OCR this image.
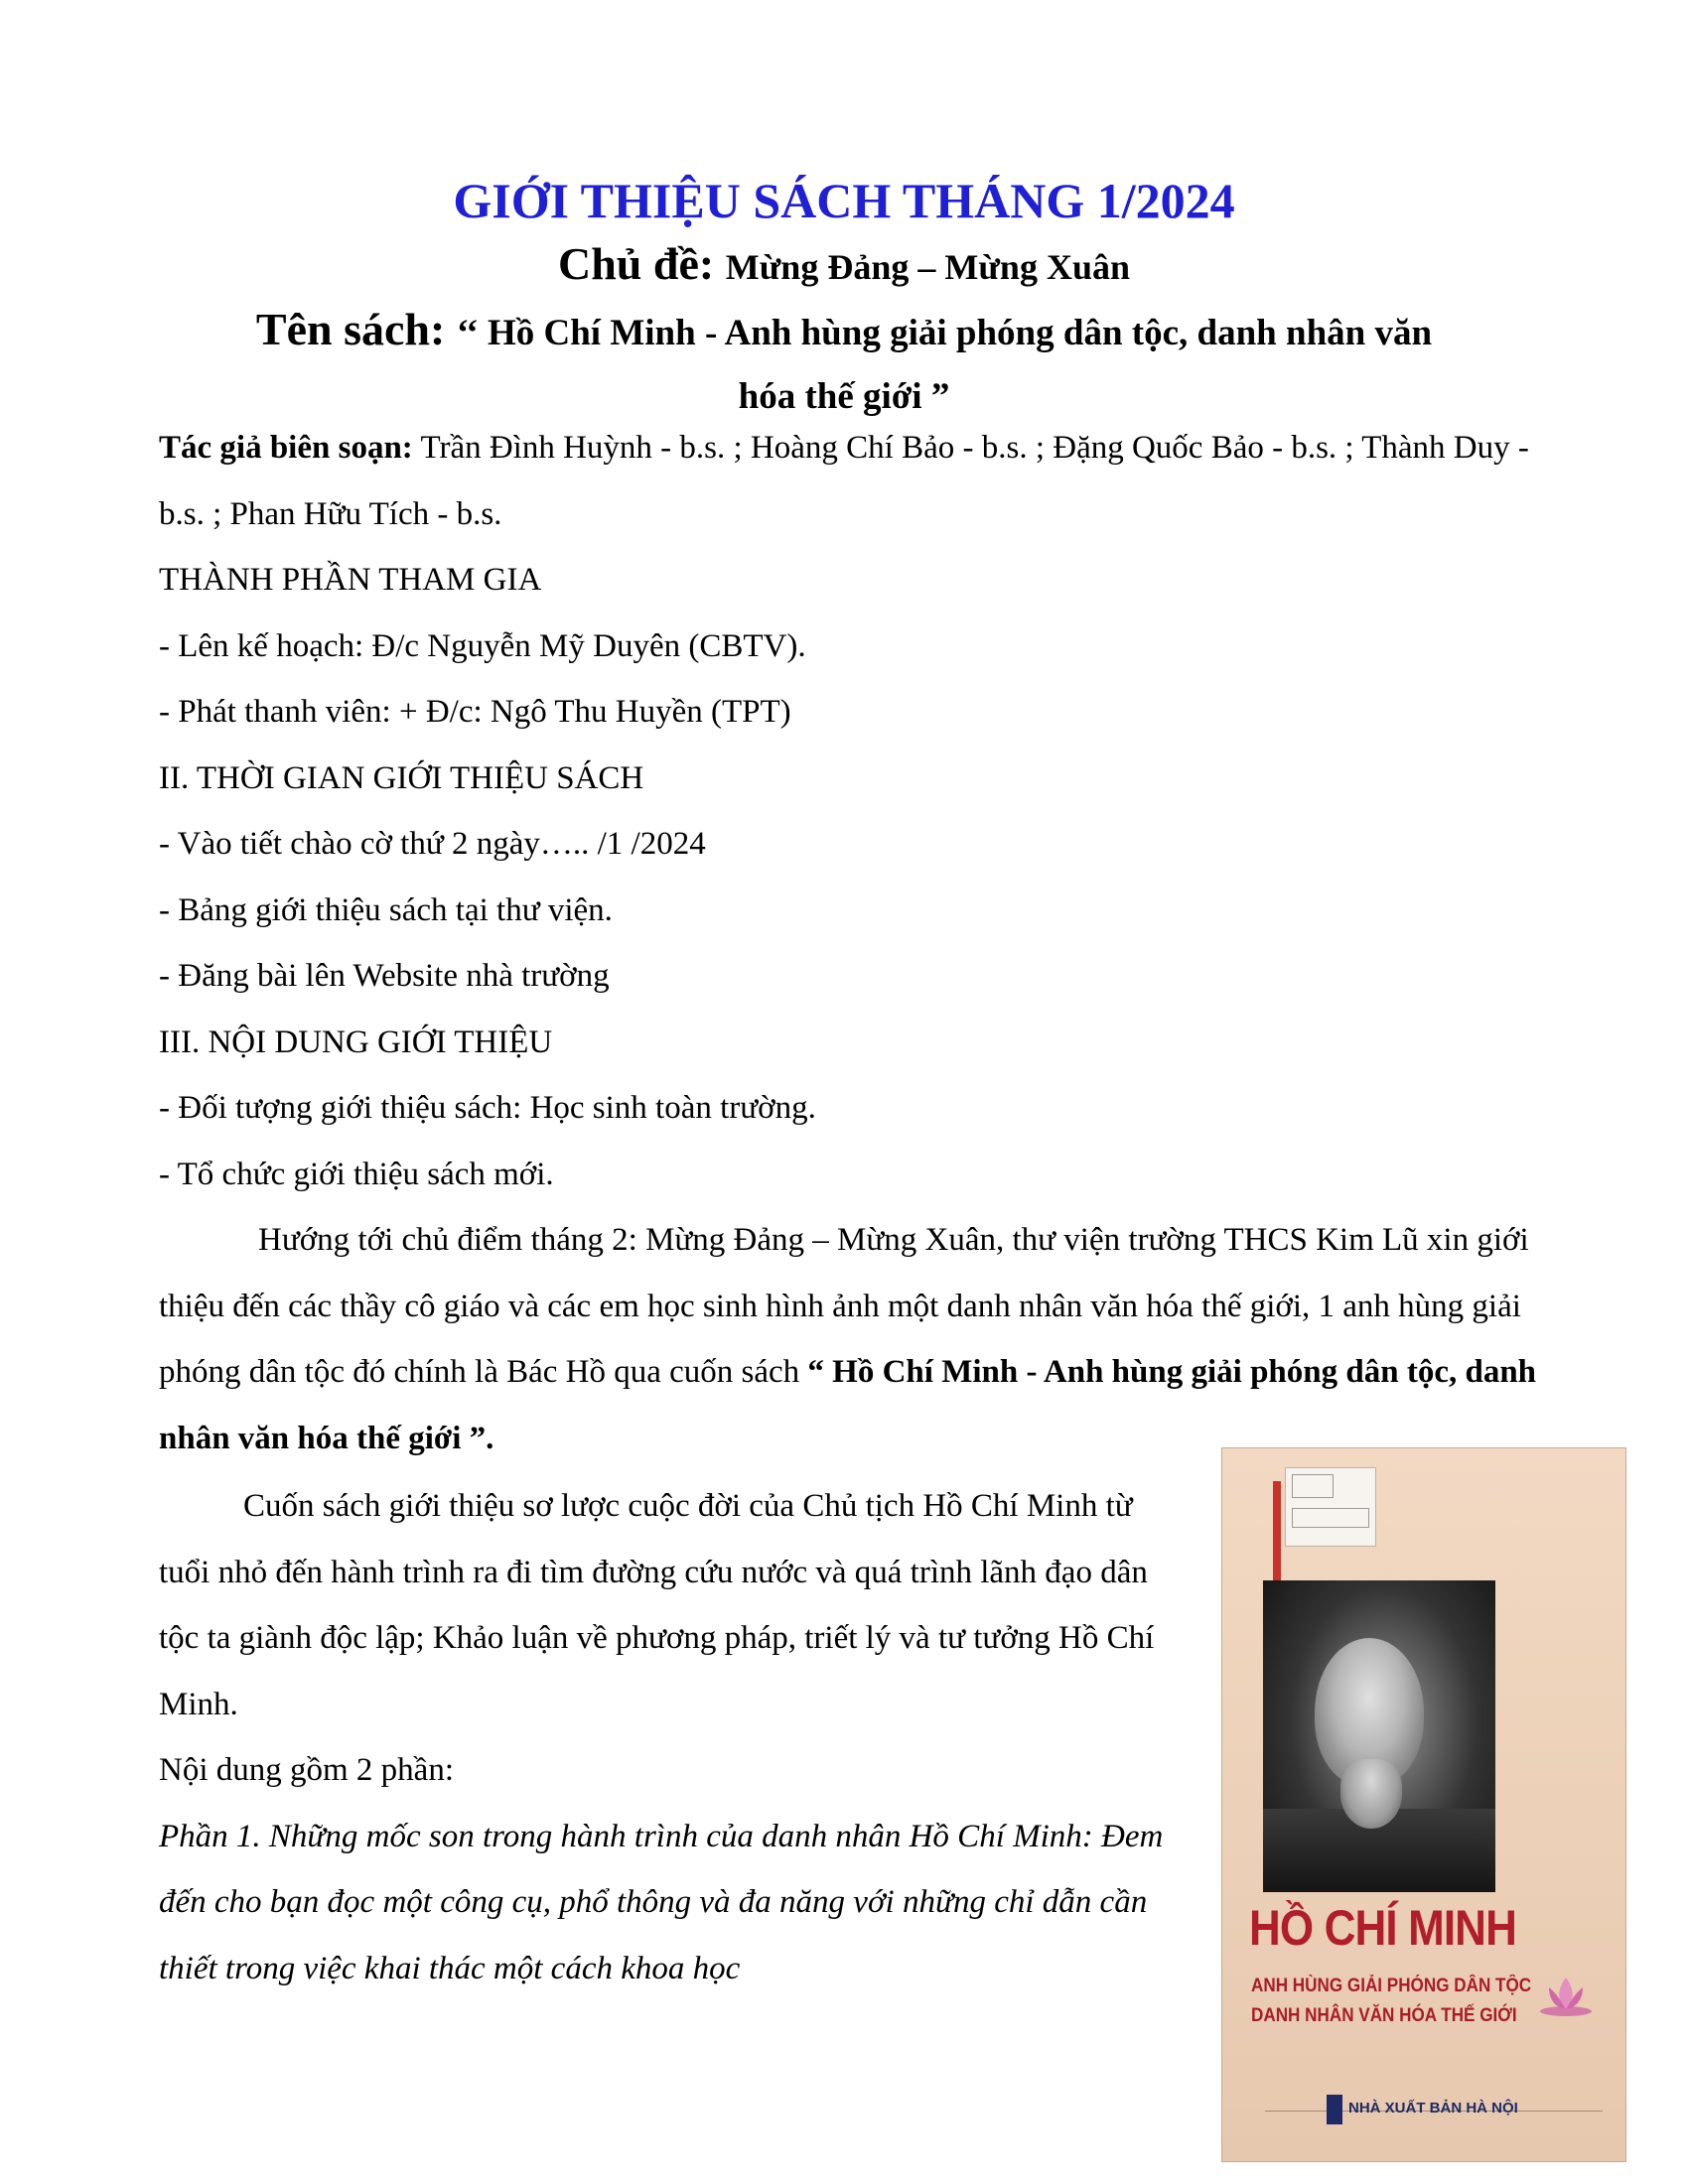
GIỚI THIỆU SÁCH THÁNG 1/2024
Chủ đề: Mừng Đảng – Mừng Xuân
Tên sách: ‘‘ Hồ Chí Minh - Anh hùng giải phóng dân tộc, danh nhân văn
hóa thế giới ”

Tác giả biên soạn: Trần Đình Huỳnh - b.s. ; Hoàng Chí Bảo - b.s. ; Đặng Quốc Bảo - b.s. ; Thành Duy - b.s. ; Phan Hữu Tích - b.s.

THÀNH PHẦN THAM GIA

- Lên kế hoạch: Đ/c Nguyễn Mỹ Duyên (CBTV).

- Phát thanh viên: + Đ/c: Ngô Thu Huyền (TPT)

II. THỜI GIAN GIỚI THIỆU SÁCH

- Vào tiết chào cờ thứ 2 ngày….. /1 /2024

- Bảng giới thiệu sách tại thư viện.

- Đăng bài lên Website nhà trường

III. NỘI DUNG GIỚI THIỆU

- Đối tượng giới thiệu sách: Học sinh toàn trường.

- Tổ chức giới thiệu sách mới.

Hướng tới chủ điểm tháng 2: Mừng Đảng – Mừng Xuân, thư viện trường THCS Kim Lũ xin giới thiệu đến các thầy cô giáo và các em học sinh hình ảnh một danh nhân văn hóa thế giới, 1 anh hùng giải phóng dân tộc đó chính là Bác Hồ qua cuốn sách “ Hồ Chí Minh - Anh hùng giải phóng dân tộc, danh nhân văn hóa thế giới ”.

Cuốn sách giới thiệu sơ lược cuộc đời của Chủ tịch Hồ Chí Minh từ tuổi nhỏ đến hành trình ra đi tìm đường cứu nước và quá trình lãnh đạo dân tộc ta giành độc lập; Khảo luận về phương pháp, triết lý và tư tưởng Hồ Chí Minh.

Nội dung gồm 2 phần:

Phần 1. Những mốc son trong hành trình của danh nhân Hồ Chí Minh: Đem đến cho bạn đọc một công cụ, phổ thông và đa năng với những chỉ dẫn cần thiết trong việc khai thác một cách khoa học

HỒ CHÍ MINH
ANH HÙNG GIẢI PHÓNG DÂN TỘC
DANH NHÂN VĂN HÓA THẾ GIỚI
NHÀ XUẤT BẢN HÀ NỘI
